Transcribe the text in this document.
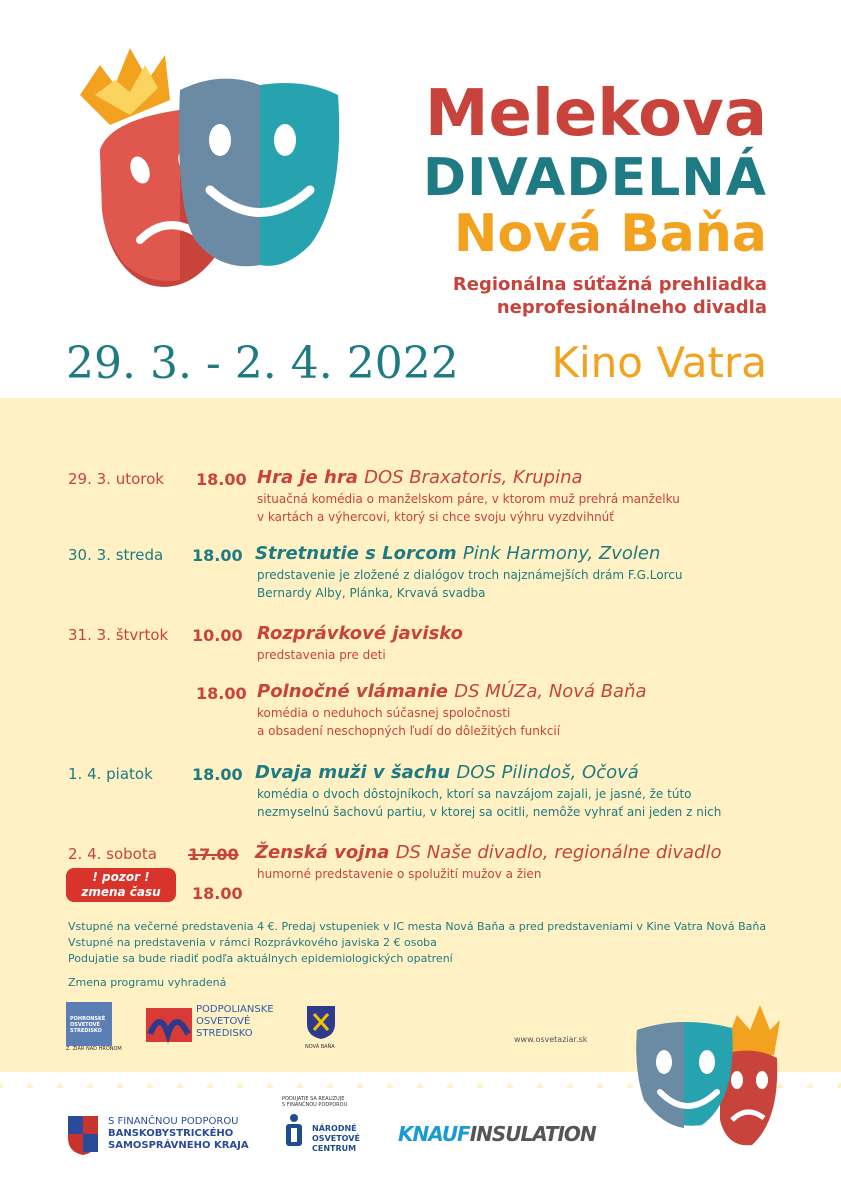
Melekova
DIVADELNÁ
Nová Baňa
Regionálna súťažná prehliadka
neprofesionálneho divadla
29. 3. - 2. 4. 2022 Kino Vatra
29. 3. utorok 18.00 Hra je hra DOS Braxatoris, Krupina
situačná komédia o manželskom páre, v ktorom muž prehrá manželku
v kartách a výhercovi, ktorý si chce svoju výhru vyzdvihnúť
30. 3. streda 18.00 Stretnutie s Lorcom Pink Harmony, Zvolen
predstavenie je zložené z dialógov troch najznámejších drám F.G.Lorcu
Bernardy Alby, Plánka, Krvavá svadba
31. 3. štvrtok 10.00 Rozprávkové javisko
predstavenia pre deti
18.00 Polnočné vlámanie DS MÚZa, Nová Baňa
komédia o neduhoch súčasnej spoločnosti
a obsadení neschopných ľudí do dôležitých funkcií
1. 4. piatok 18.00 Dvaja muži v šachu DOS Pilindoš, Očová
komédia o dvoch dôstojníkoch, ktorí sa navzájom zajali, je jasné, že túto
nezmyselnú šachovú partiu, v ktorej sa ocitli, nemôže vyhrať ani jeden z nich
2. 4. sobota 17.00 Ženská vojna DS Naše divadlo, regionálne divadlo
humorné predstavenie o spolužití mužov a žien
! pozor !
zmena času	18.00
Vstupné na večerné predstavenia 4 €. Predaj vstupeniek v IC mesta Nová Baňa a pred predstaveniami v Kine Vatra Nová Baňa
Vstupné na predstavenia v rámci Rozprávkového javiska 2 € osoba
Podujatie sa bude riadiť podľa aktuálnych epidemiologických opatrení
Zmena programu vyhradená
POHRONSKÉ
OSVETOVÉ
STREDISKO
Z. ŽIAR NAD HRONOM
PODPOLIANSKE
OSVETOVÉ
STREDISKO
NOVÁ BAŇA
www.osvetaziar.sk
S FINANČNOU PODPOROU
BANSKOBYSTRICKÉHO
SAMOSPRÁVNEHO KRAJA
PODUJATIE SA REALIZUJE
S FINANČNOU PODPOROU
NÁRODNÉ
OSVETOVÉ
CENTRUM
KNAUFINSULATION
